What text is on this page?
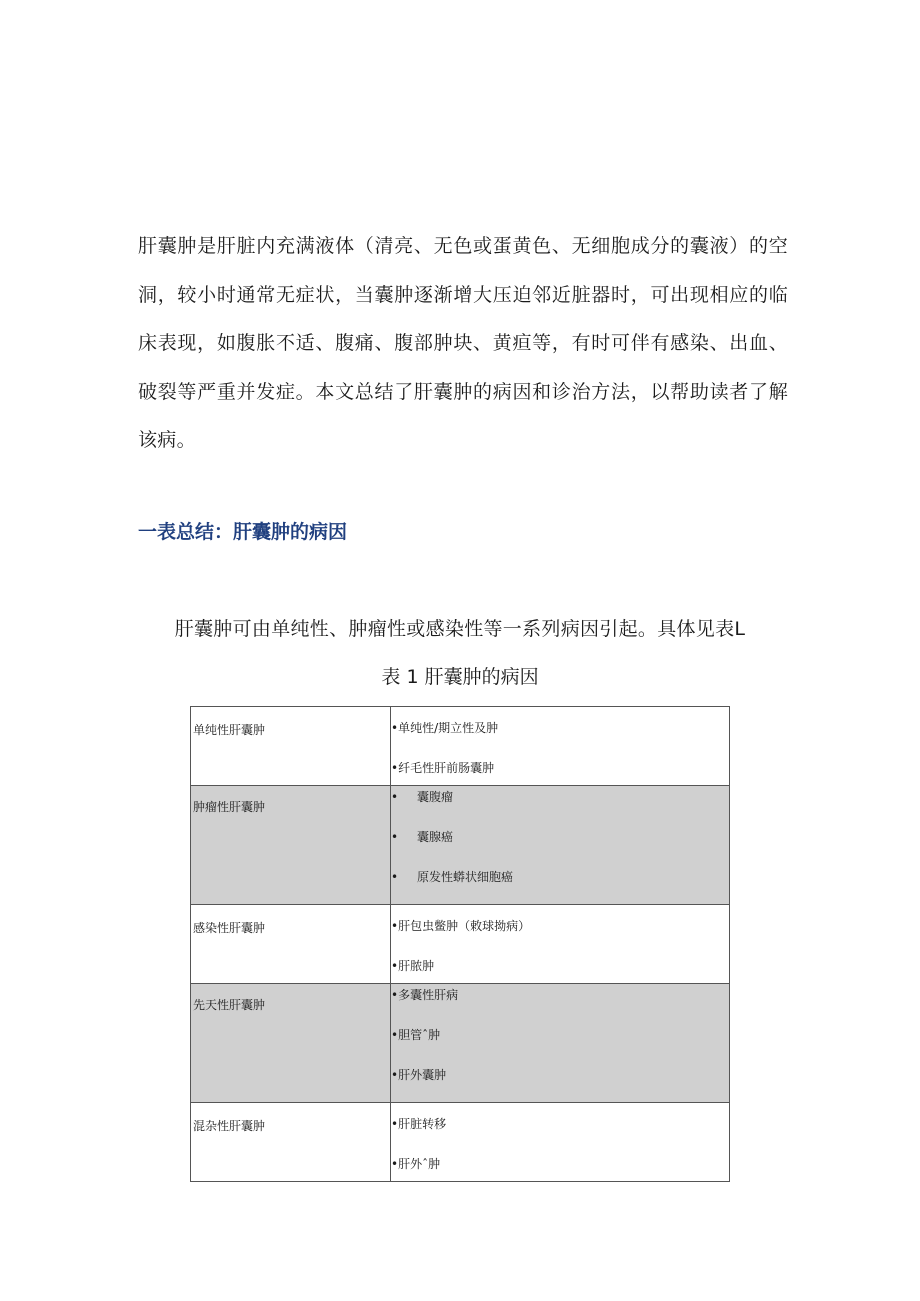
肝囊肿是肝脏内充满液体（清亮、无色或蛋黄色、无细胞成分的囊液）的空洞，较小时通常无症状，当囊肿逐渐增大压迫邻近脏器时，可出现相应的临床表现，如腹胀不适、腹痛、腹部肿块、黄疸等，有时可伴有感染、出血、破裂等严重并发症。本文总结了肝囊肿的病因和诊治方法，以帮助读者了解该病。

一表总结：肝囊肿的病因

肝囊肿可由单纯性、肿瘤性或感染性等一系列病因引起。具体见表L

表 1 肝囊肿的病因

单纯性肝囊肿	•单纯性/期立性及肿
•纤毛性肝前肠囊肿

肿瘤性肝囊肿	• 囊腹瘤
• 囊腺癌
• 原发性蟒状细胞癌

感染性肝囊肿	•肝包虫鳖肿（敕球拗病）
•肝脓肿

先天性肝囊肿	•多囊性肝病
•胆管ˆ肿
•肝外囊肿

混杂性肝囊肿	•肝脏转移
•肝外ˆ肿
